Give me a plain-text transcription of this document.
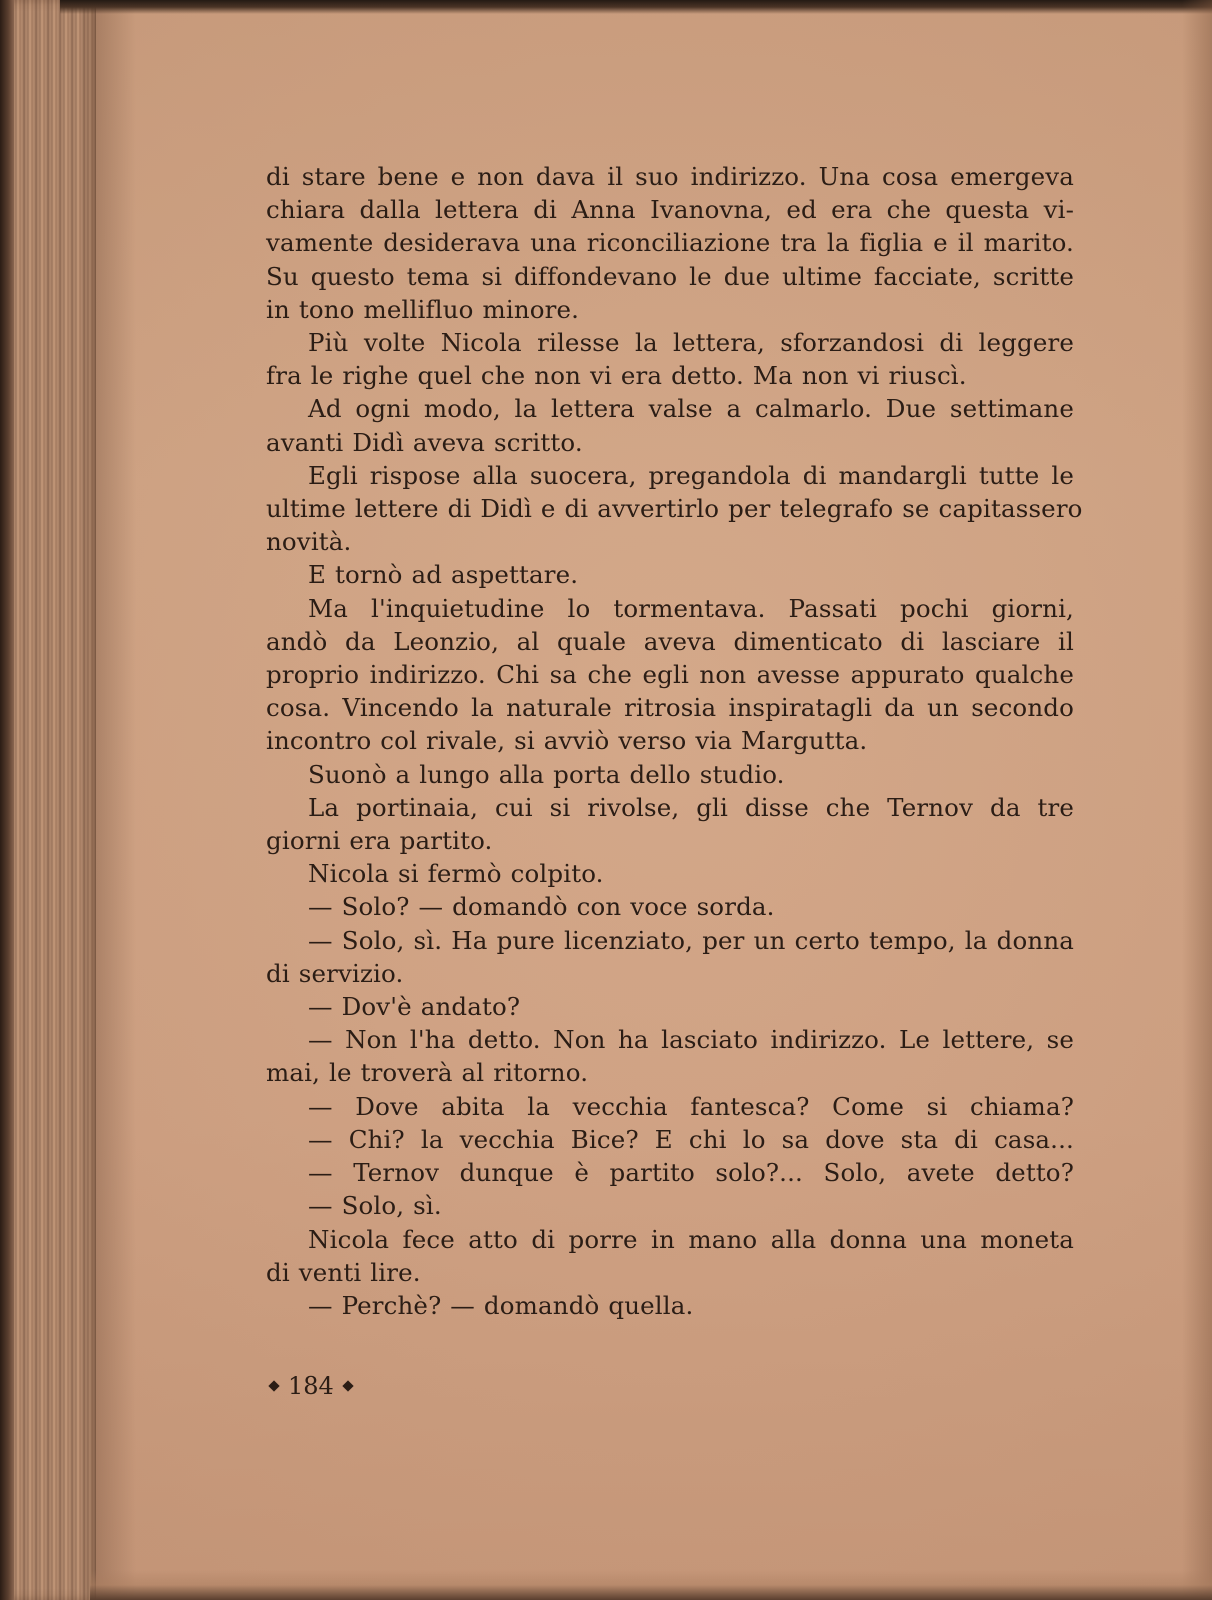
di stare bene e non dava il suo indirizzo. Una cosa emergeva
chiara dalla lettera di Anna Ivanovna, ed era che questa vi-
vamente desiderava una riconciliazione tra la figlia e il marito.
Su questo tema si diffondevano le due ultime facciate, scritte
in tono mellifluo minore.
Più volte Nicola rilesse la lettera, sforzandosi di leggere
fra le righe quel che non vi era detto. Ma non vi riuscì.
Ad ogni modo, la lettera valse a calmarlo. Due settimane
avanti Didì aveva scritto.
Egli rispose alla suocera, pregandola di mandargli tutte le
ultime lettere di Didì e di avvertirlo per telegrafo se capitassero
novità.
E tornò ad aspettare.
Ma l'inquietudine lo tormentava. Passati pochi giorni,
andò da Leonzio, al quale aveva dimenticato di lasciare il
proprio indirizzo. Chi sa che egli non avesse appurato qualche
cosa. Vincendo la naturale ritrosia inspiratagli da un secondo
incontro col rivale, si avviò verso via Margutta.
Suonò a lungo alla porta dello studio.
La portinaia, cui si rivolse, gli disse che Ternov da tre
giorni era partito.
Nicola si fermò colpito.
— Solo? — domandò con voce sorda.
— Solo, sì. Ha pure licenziato, per un certo tempo, la donna
di servizio.
— Dov'è andato?
— Non l'ha detto. Non ha lasciato indirizzo. Le lettere, se
mai, le troverà al ritorno.
— Dove abita la vecchia fantesca? Come si chiama?
— Chi? la vecchia Bice? E chi lo sa dove sta di casa...
— Ternov dunque è partito solo?... Solo, avete detto?
— Solo, sì.
Nicola fece atto di porre in mano alla donna una moneta
di venti lire.
— Perchè? — domandò quella.
184
